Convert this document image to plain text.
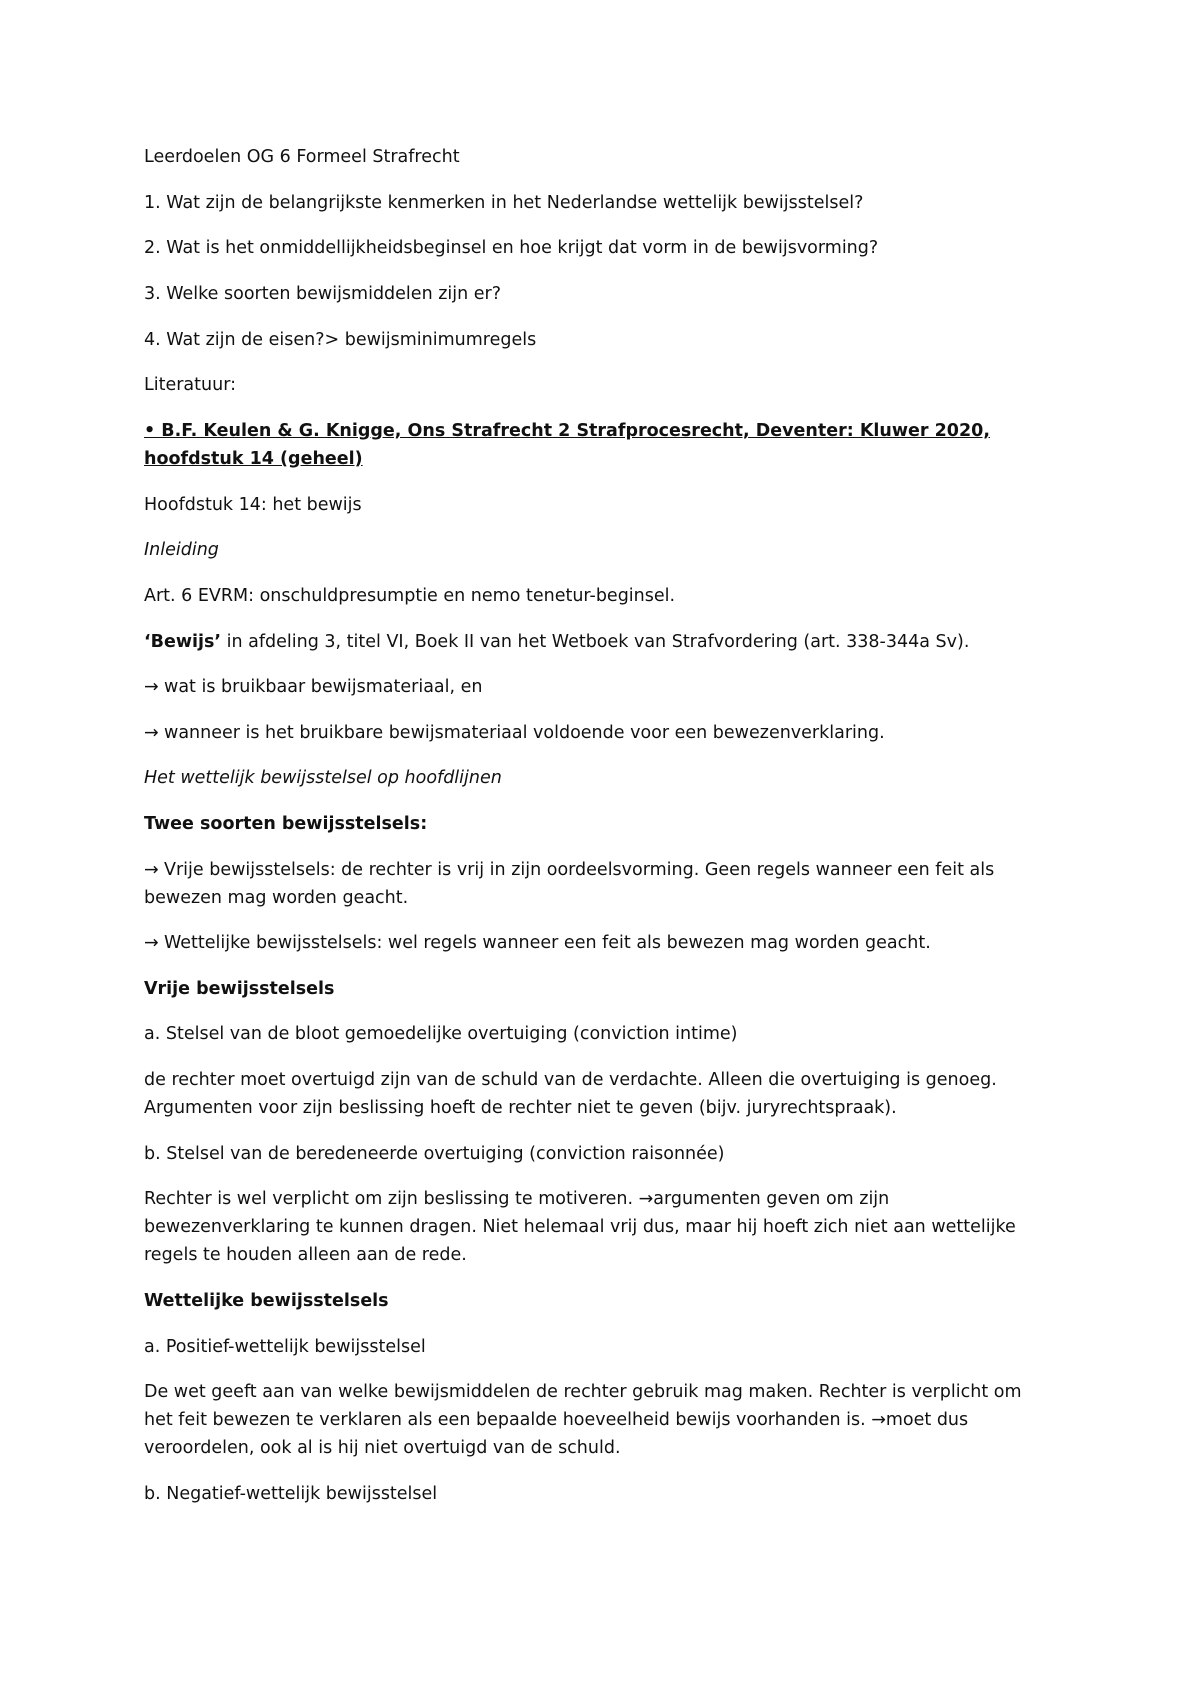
Leerdoelen OG 6 Formeel Strafrecht

1. Wat zijn de belangrijkste kenmerken in het Nederlandse wettelijk bewijsstelsel?

2. Wat is het onmiddellijkheidsbeginsel en hoe krijgt dat vorm in de bewijsvorming?

3. Welke soorten bewijsmiddelen zijn er?

4. Wat zijn de eisen?> bewijsminimumregels

Literatuur:

• B.F. Keulen & G. Knigge, Ons Strafrecht 2 Strafprocesrecht, Deventer: Kluwer 2020, hoofdstuk 14 (geheel)

Hoofdstuk 14: het bewijs

Inleiding

Art. 6 EVRM: onschuldpresumptie en nemo tenetur-beginsel.

‘Bewijs’ in afdeling 3, titel VI, Boek II van het Wetboek van Strafvordering (art. 338-344a Sv).

→ wat is bruikbaar bewijsmateriaal, en

→ wanneer is het bruikbare bewijsmateriaal voldoende voor een bewezenverklaring.

Het wettelijk bewijsstelsel op hoofdlijnen

Twee soorten bewijsstelsels:

→ Vrije bewijsstelsels: de rechter is vrij in zijn oordeelsvorming. Geen regels wanneer een feit als bewezen mag worden geacht.

→ Wettelijke bewijsstelsels: wel regels wanneer een feit als bewezen mag worden geacht.

Vrije bewijsstelsels

a. Stelsel van de bloot gemoedelijke overtuiging (conviction intime)

de rechter moet overtuigd zijn van de schuld van de verdachte. Alleen die overtuiging is genoeg. Argumenten voor zijn beslissing hoeft de rechter niet te geven (bijv. juryrechtspraak).

b. Stelsel van de beredeneerde overtuiging (conviction raisonnée)

Rechter is wel verplicht om zijn beslissing te motiveren. →argumenten geven om zijn bewezenverklaring te kunnen dragen. Niet helemaal vrij dus, maar hij hoeft zich niet aan wettelijke regels te houden alleen aan de rede.

Wettelijke bewijsstelsels

a. Positief-wettelijk bewijsstelsel

De wet geeft aan van welke bewijsmiddelen de rechter gebruik mag maken. Rechter is verplicht om het feit bewezen te verklaren als een bepaalde hoeveelheid bewijs voorhanden is. →moet dus veroordelen, ook al is hij niet overtuigd van de schuld.

b. Negatief-wettelijk bewijsstelsel
